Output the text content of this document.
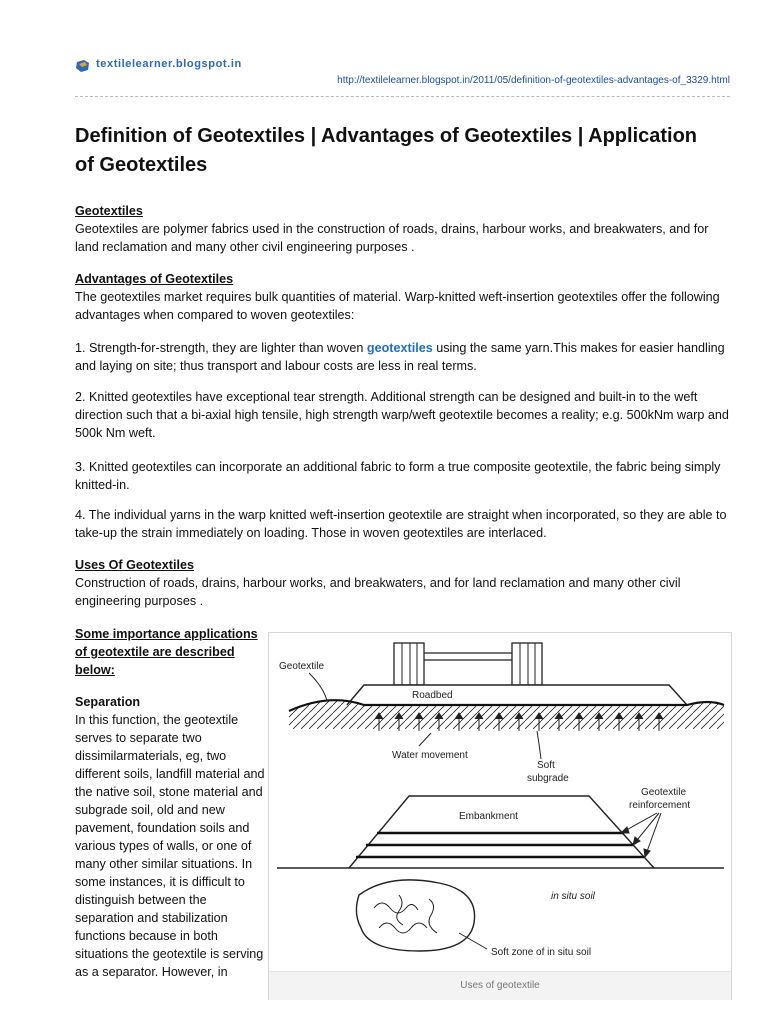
textilelearner.blogspot.in
http://textilelearner.blogspot.in/2011/05/definition-of-geotextiles-advantages-of_3329.html
Definition of Geotextiles | Advantages of Geotextiles | Application of Geotextiles

Geotextiles

Geotextiles are polymer fabrics used in the construction of roads, drains, harbour works, and breakwaters, and for land reclamation and many other civil engineering purposes .

Advantages of Geotextiles

The geotextiles market requires bulk quantities of material. Warp-knitted weft-insertion geotextiles offer the following advantages when compared to woven geotextiles:

1. Strength-for-strength, they are lighter than woven geotextiles using the same yarn.This makes for easier handling and laying on site; thus transport and labour costs are less in real terms.

2. Knitted geotextiles have exceptional tear strength. Additional strength can be designed and built-in to the weft direction such that a bi-axial high tensile, high strength warp/weft geotextile becomes a reality; e.g. 500kNm warp and 500k Nm weft.

3. Knitted geotextiles can incorporate an additional fabric to form a true composite geotextile, the fabric being simply knitted-in.

4. The individual yarns in the warp knitted weft-insertion geotextile are straight when incorporated, so they are able to take-up the strain immediately on loading. Those in woven geotextiles are interlaced.

Uses Of Geotextiles

Construction of roads, drains, harbour works, and breakwaters, and for land reclamation and many other civil engineering purposes .

Some importance applications of geotextile are described below:

Separation

In this function, the geotextile serves to separate two dissimilarmaterials, eg, two different soils, landfill material and the native soil, stone material and subgrade soil, old and new pavement, foundation soils and various types of walls, or one of many other similar situations. In some instances, it is difficult to distinguish between the separation and stabilization functions because in both situations the geotextile is serving as a separator. However, in

Geotextile
Roadbed
Water movement
Soft
subgrade
Embankment
Geotextile
reinforcement
in situ soil
Soft zone of in situ soil
Uses of geotextile
